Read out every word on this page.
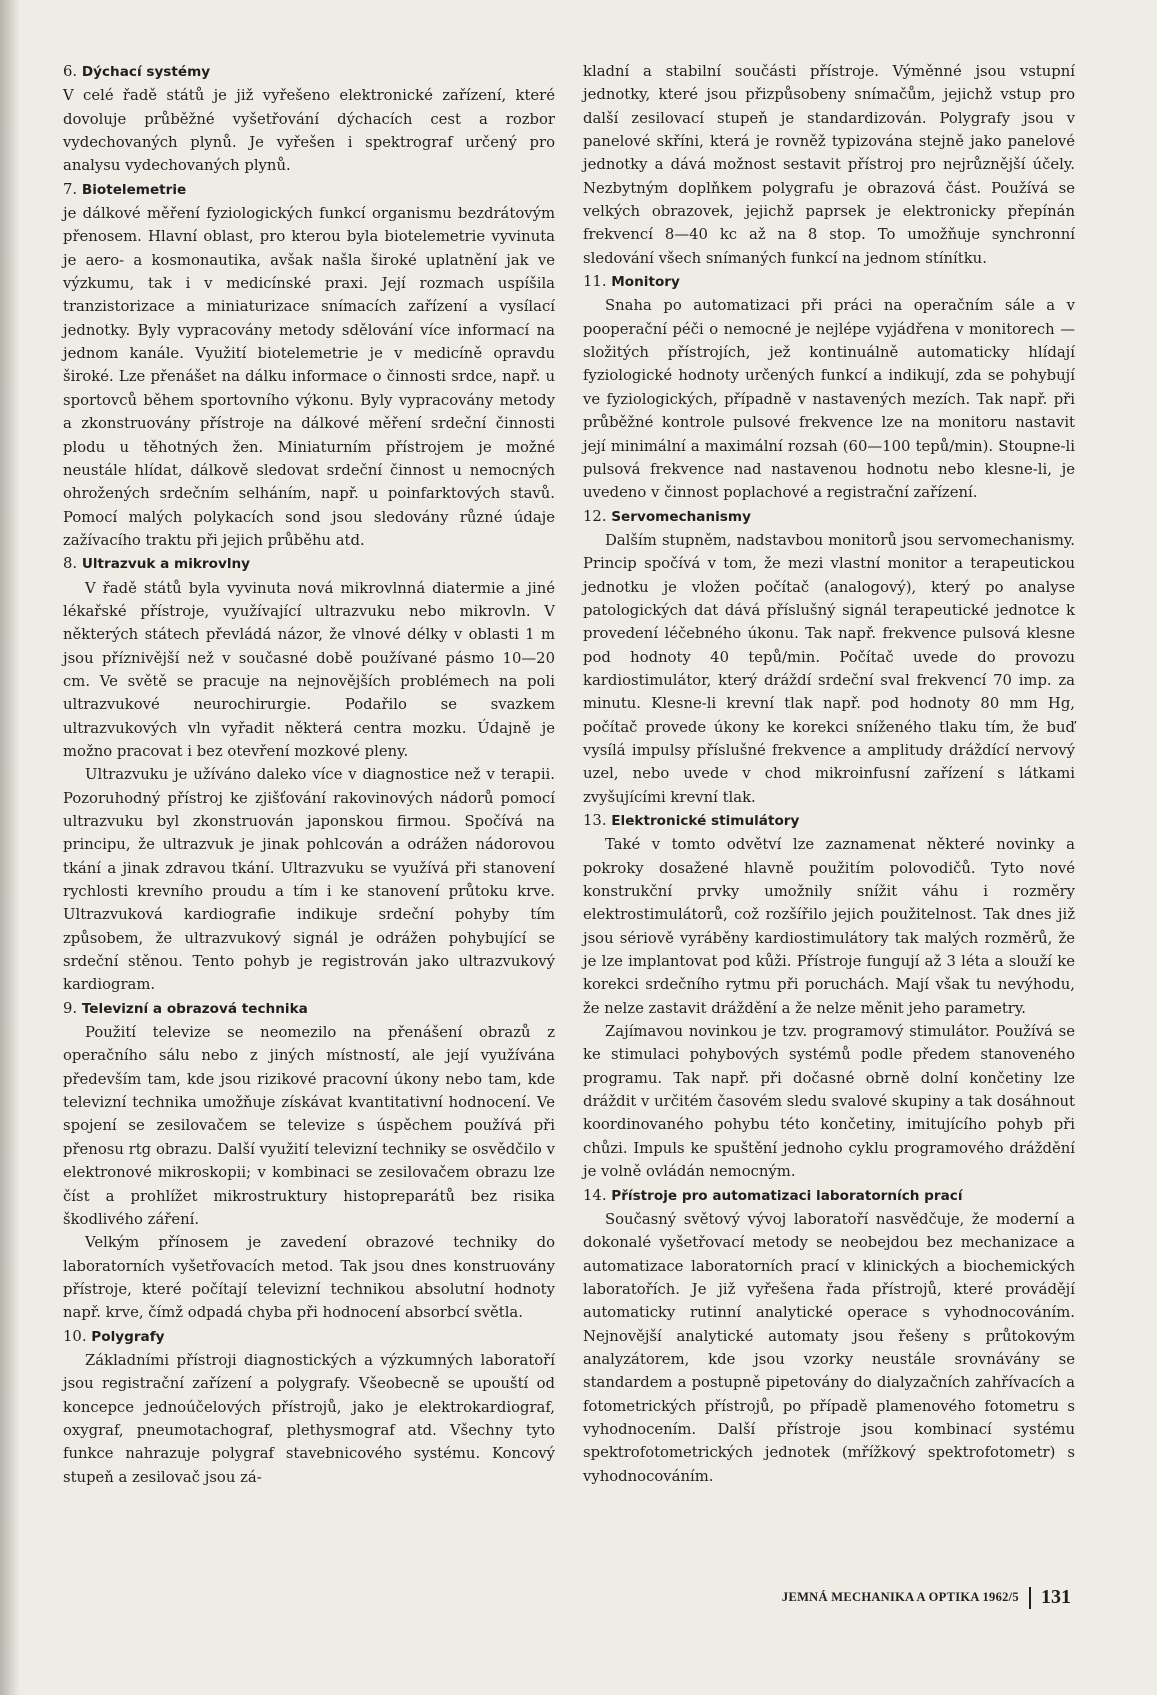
6. Dýchací systémy

V celé řadě států je již vyřešeno elektronické zařízení, které dovoluje průběžné vyšetřování dýchacích cest a rozbor vydechovaných plynů. Je vyřešen i spektrograf určený pro analysu vydechovaných plynů.

7. Biotelemetrie

je dálkové měření fyziologických funkcí organismu bezdrátovým přenosem. Hlavní oblast, pro kterou byla biotelemetrie vyvinuta je aero- a kosmonautika, avšak našla široké uplatnění jak ve výzkumu, tak i v medicínské praxi. Její rozmach uspíšila tranzistorizace a miniaturizace snímacích zařízení a vysílací jednotky. Byly vypracovány metody sdělování více informací na jednom kanále. Využití biotelemetrie je v medicíně opravdu široké. Lze přenášet na dálku informace o činnosti srdce, např. u sportovců během sportovního výkonu. Byly vypracovány metody a zkonstruovány přístroje na dálkové měření srdeční činnosti plodu u těhotných žen. Miniaturním přístrojem je možné neustále hlídat, dálkově sledovat srdeční činnost u nemocných ohrožených srdečním selháním, např. u poinfarktových stavů. Pomocí malých polykacích sond jsou sledovány různé údaje zažívacího traktu při jejich průběhu atd.

8. Ultrazvuk a mikrovlny

V řadě států byla vyvinuta nová mikrovlnná diatermie a jiné lékařské přístroje, využívající ultrazvuku nebo mikrovln. V některých státech převládá názor, že vlnové délky v oblasti 1 m jsou příznivější než v současné době používané pásmo 10—20 cm. Ve světě se pracuje na nejnovějších problémech na poli ultrazvukové neurochirurgie. Podařilo se svazkem ultrazvukových vln vyřadit některá centra mozku. Údajně je možno pracovat i bez otevření mozkové pleny.

Ultrazvuku je užíváno daleko více v diagnostice než v terapii. Pozoruhodný přístroj ke zjišťování rakovinových nádorů pomocí ultrazvuku byl zkonstruován japonskou firmou. Spočívá na principu, že ultrazvuk je jinak pohlcován a odrážen nádorovou tkání a jinak zdravou tkání. Ultrazvuku se využívá při stanovení rychlosti krevního proudu a tím i ke stanovení průtoku krve. Ultrazvuková kardiografie indikuje srdeční pohyby tím způsobem, že ultrazvukový signál je odrážen pohybující se srdeční stěnou. Tento pohyb je registrován jako ultrazvukový kardiogram.

9. Televizní a obrazová technika

Použití televize se neomezilo na přenášení obrazů z operačního sálu nebo z jiných místností, ale její využívána především tam, kde jsou rizikové pracovní úkony nebo tam, kde televizní technika umožňuje získávat kvantitativní hodnocení. Ve spojení se zesilovačem se televize s úspěchem používá při přenosu rtg obrazu. Další využití televizní techniky se osvědčilo v elektronové mikroskopii; v kombinaci se zesilovačem obrazu lze číst a prohlížet mikrostruktury histopreparátů bez risika škodlivého záření.

Velkým přínosem je zavedení obrazové techniky do laboratorních vyšetřovacích metod. Tak jsou dnes konstruovány přístroje, které počítají televizní technikou absolutní hodnoty např. krve, čímž odpadá chyba při hodnocení absorbcí světla.

10. Polygrafy

Základními přístroji diagnostických a výzkumných laboratoří jsou registrační zařízení a polygrafy. Všeobecně se upouští od koncepce jednoúčelových přístrojů, jako je elektrokardiograf, oxygraf, pneumotachograf, plethysmograf atd. Všechny tyto funkce nahrazuje polygraf stavebnicového systému. Koncový stupeň a zesilovač jsou zá-

kladní a stabilní součásti přístroje. Výměnné jsou vstupní jednotky, které jsou přizpůsobeny snímačům, jejichž vstup pro další zesilovací stupeň je standardizován. Polygrafy jsou v panelové skříni, která je rovněž typizována stejně jako panelové jednotky a dává možnost sestavit přístroj pro nejrůznější účely. Nezbytným doplňkem polygrafu je obrazová část. Používá se velkých obrazovek, jejichž paprsek je elektronicky přepínán frekvencí 8—40 kc až na 8 stop. To umožňuje synchronní sledování všech snímaných funkcí na jednom stínítku.

11. Monitory

Snaha po automatizaci při práci na operačním sále a v pooperační péči o nemocné je nejlépe vyjádřena v monitorech — složitých přístrojích, jež kontinuálně automaticky hlídají fyziologické hodnoty určených funkcí a indikují, zda se pohybují ve fyziologických, případně v nastavených mezích. Tak např. při průběžné kontrole pulsové frekvence lze na monitoru nastavit její minimální a maximální rozsah (60—100 tepů/min). Stoupne-li pulsová frekvence nad nastavenou hodnotu nebo klesne-li, je uvedeno v činnost poplachové a registrační zařízení.

12. Servomechanismy

Dalším stupněm, nadstavbou monitorů jsou servomechanismy. Princip spočívá v tom, že mezi vlastní monitor a terapeutickou jednotku je vložen počítač (analogový), který po analyse patologických dat dává příslušný signál terapeutické jednotce k provedení léčebného úkonu. Tak např. frekvence pulsová klesne pod hodnoty 40 tepů/min. Počítač uvede do provozu kardiostimulátor, který dráždí srdeční sval frekvencí 70 imp. za minutu. Klesne-li krevní tlak např. pod hodnoty 80 mm Hg, počítač provede úkony ke korekci sníženého tlaku tím, že buď vysílá impulsy příslušné frekvence a amplitudy dráždící nervový uzel, nebo uvede v chod mikroinfusní zařízení s látkami zvyšujícími krevní tlak.

13. Elektronické stimulátory

Také v tomto odvětví lze zaznamenat některé novinky a pokroky dosažené hlavně použitím polovodičů. Tyto nové konstrukční prvky umožnily snížit váhu i rozměry elektrostimulátorů, což rozšířilo jejich použitelnost. Tak dnes již jsou sériově vyráběny kardiostimulátory tak malých rozměrů, že je lze implantovat pod kůži. Přístroje fungují až 3 léta a slouží ke korekci srdečního rytmu při poruchách. Mají však tu nevýhodu, že nelze zastavit dráždění a že nelze měnit jeho parametry.

Zajímavou novinkou je tzv. programový stimulátor. Používá se ke stimulaci pohybových systémů podle předem stanoveného programu. Tak např. při dočasné obrně dolní končetiny lze dráždit v určitém časovém sledu svalové skupiny a tak dosáhnout koordinovaného pohybu této končetiny, imitujícího pohyb při chůzi. Impuls ke spuštění jednoho cyklu programového dráždění je volně ovládán nemocným.

14. Přístroje pro automatizaci laboratorních prací

Současný světový vývoj laboratoří nasvědčuje, že moderní a dokonalé vyšetřovací metody se neobejdou bez mechanizace a automatizace laboratorních prací v klinických a biochemických laboratořích. Je již vyřešena řada přístrojů, které provádějí automaticky rutinní analytické operace s vyhodnocováním. Nejnovější analytické automaty jsou řešeny s průtokovým analyzátorem, kde jsou vzorky neustále srovnávány se standardem a postupně pipetovány do dialyzačních zahřívacích a fotometrických přístrojů, po případě plamenového fotometru s vyhodnocením. Další přístroje jsou kombinací systému spektrofotometrických jednotek (mřížkový spektrofotometr) s vyhodnocováním.

JEMNÁ MECHANIKA A OPTIKA 1962/5 131
